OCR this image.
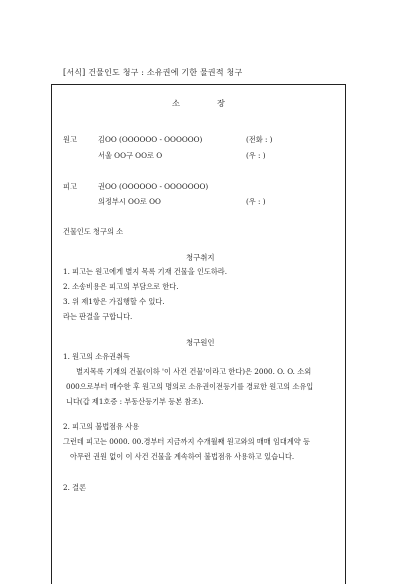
[서식] 건물인도 청구 : 소유권에 기한 물권적 청구
소	장
원고	김OO (OOOOOO - OOOOOO)	(전화 : )
서울 OO구 OO로 O	(우 : )
피고	권OO (OOOOOO - OOOOOOO)
의정부시 OO로 OO	(우 : )
건물인도 청구의 소
청구취지
1. 피고는 원고에게 별지 목록 기재 건물을 인도하라.
2. 소송비용은 피고의 부담으로 한다.
3. 위 제1항은 가집행할 수 있다.
라는 판결을 구합니다.
청구원인
1. 원고의 소유권취득
별지목록 기재의 건물(이하 '이 사건 건물'이라고 한다)은 2000. O. O. 소외
000으로부터 매수한 후 원고의 명의로 소유권이전등기를 경료한 원고의 소유입
니다(갑 제1호증 : 부동산등기부 등본 참조).
2. 피고의 불법점유 사용
그런데 피고는 0000. 00.경부터 지금까지 수개월째 원고와의 매매 임대계약 등
아무런 권원 없이 이 사건 건물을 계속하여 불법점유 사용하고 있습니다.
2. 결론
